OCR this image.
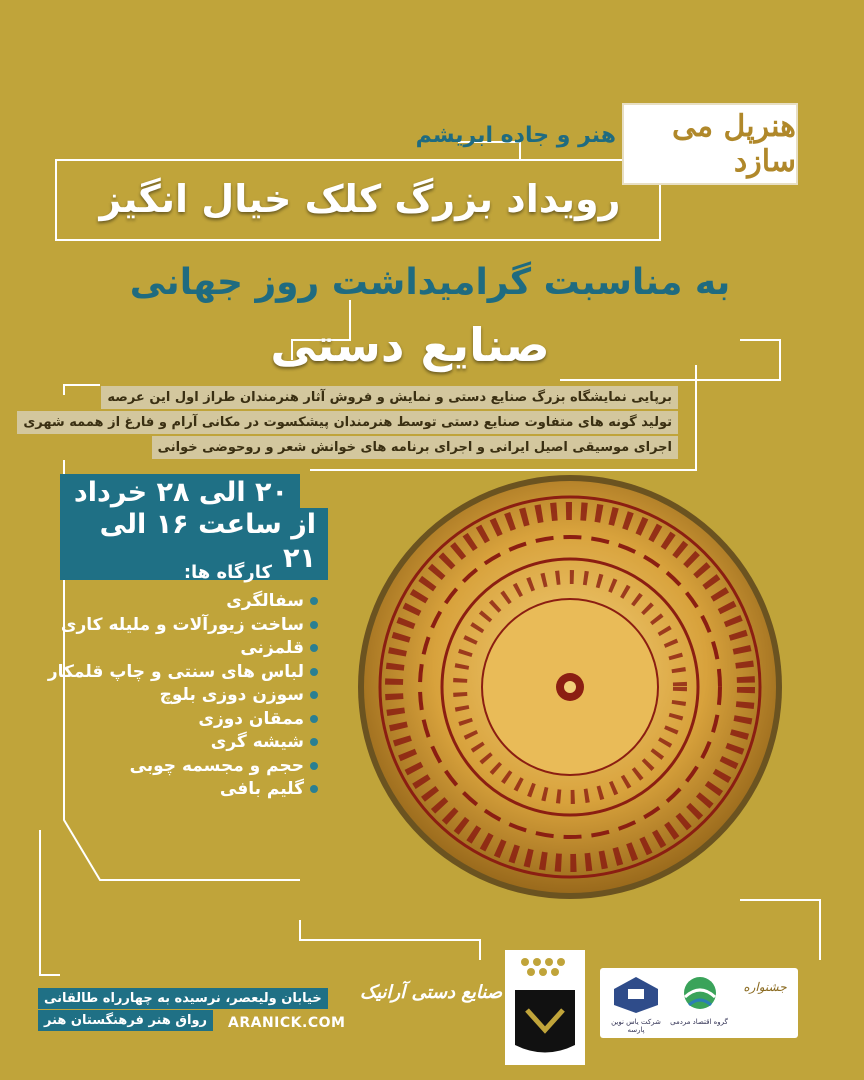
هنرپل می سازد
هنر و جاده ابریشم
رویداد بزرگ کلک خیال انگیز
به مناسبت گرامیداشت روز جهانی
صنایع دستی
برپایی نمایشگاه بزرگ صنایع دستی و نمایش و فروش آثار هنرمندان طراز اول این عرصه
تولید گونه های متفاوت صنایع دستی توسط هنرمندان پیشکسوت در مکانی آرام و فارغ از هممه شهری
اجرای موسیقی اصیل ایرانی و اجرای برنامه های خوانش شعر و روحوضی خوانی
۲۰ الی ۲۸ خرداد
از ساعت ۱۶ الی ۲۱
کارگاه ها:
سفالگری
ساخت زیورآلات و ملیله کاری
قلمزنی
لباس های سنتی و چاپ قلمکار
سوزن دوزی بلوچ
ممقان دوزی
شیشه گری
حجم و مجسمه چوبی
گلیم بافی
خیابان ولیعصر، نرسیده به چهارراه طالقانی
رواق هنر فرهنگستان هنر	ARANICK.COM
صنایع دستی آرانیک
شرکت یاس نوین پارسه
گروه اقتصاد مردمی
جشنواره
